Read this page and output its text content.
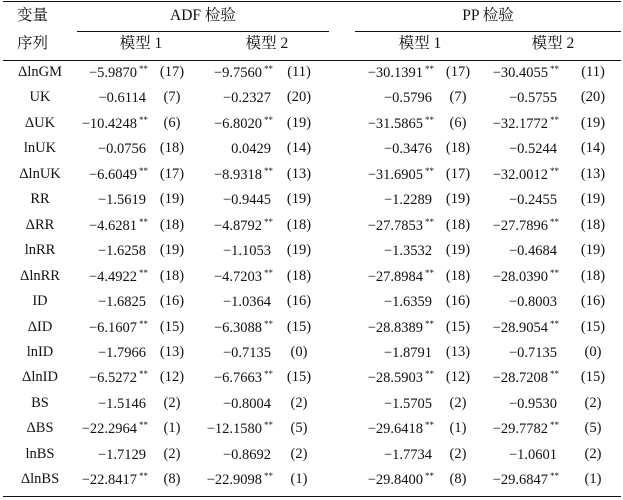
变量
序列
ADF 检验	PP 检验
模型 1	模型 2	模型 1	模型 2
ΔlnGM	−5.9870 ** (17)	−9.7560 ** (11)	−30.1391 ** (17)	−30.4055 **	(11)
UK	−0.6114	(7)	−0.2327	(20)	−0.5796	(7)	−0.5755	(20)
ΔUK	−10.4248 **	(6)	−6.8020 ** (19)	−31.5865 **	(6)	−32.1772 **	(19)
lnUK	−0.0756 (18)	0.0429	(14)	−0.3476 (18)	−0.5244	(14)
ΔlnUK	−6.6049 ** (17)	−8.9318 ** (13)	−31.6905 ** (17)	−32.0012 **	(13)
RR	−1.5619 (19)	−0.9445	(19)	−1.2289 (19)	−0.2455	(19)
ΔRR	−4.6281 ** (18)	−4.8792 ** (18)	−27.7853 ** (18)	−27.7896 **	(18)
lnRR	−1.6258 (19)	−1.1053	(19)	−1.3532 (19)	−0.4684	(19)
ΔlnRR	−4.4922 ** (18)	−4.7203 ** (18)	−27.8984 ** (18)	−28.0390 **	(18)
ID	−1.6825 (16)	−1.0364	(16)	−1.6359 (16)	−0.8003	(16)
ΔID	−6.1607 ** (15)	−6.3088 ** (15)	−28.8389 ** (15)	−28.9054 **	(15)
lnID	−1.7966 (13)	−0.7135	(0)	−1.8791 (13)	−0.7135	(0)
ΔlnID	−6.5272 ** (12)	−6.7663 ** (15)	−28.5903 ** (12)	−28.7208 **	(15)
BS	−1.5146	(2)	−0.8004	(2)	−1.5705	(2)	−0.9530	(2)
ΔBS	−22.2964 **	(1)	−12.1580 **	(5)	−29.6418 **	(1)	−29.7782 **	(5)
lnBS	−1.7129	(2)	−0.8692	(2)	−1.7734	(2)	−1.0601	(2)
ΔlnBS	−22.8417 **	(8)	−22.9098 **	(1)	−29.8400 **	(8)	−29.6847 **	(1)
